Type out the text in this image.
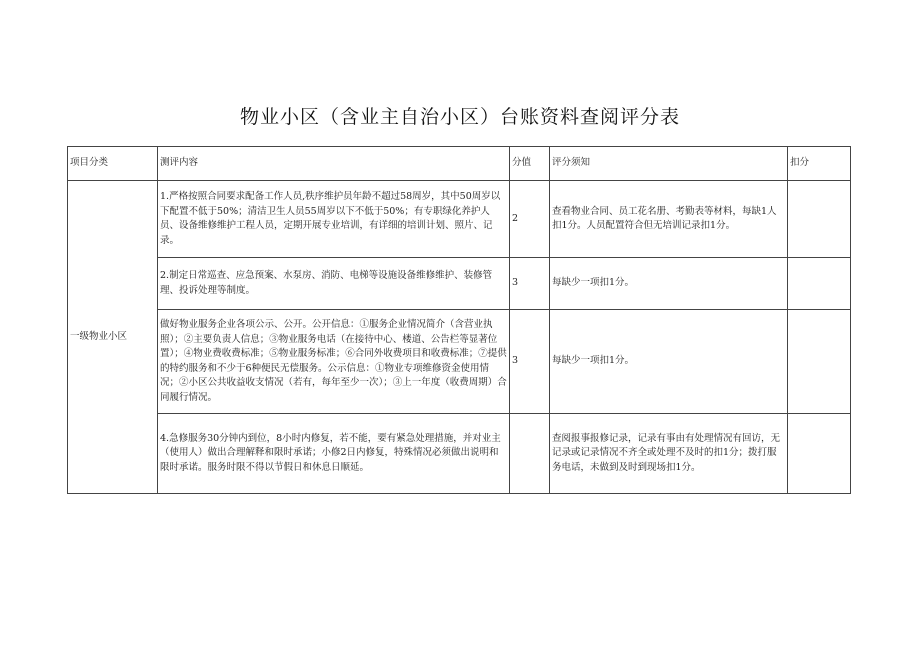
物业小区（含业主自治小区）台账资料查阅评分表
项目分类	测评内容	分值	评分须知	扣分
一级物业小区	1.严格按照合同要求配备工作人员,秩序维护员年龄不超过58周岁，其中50周岁以下配置不低于50%；清洁卫生人员55周岁以下不低于50%；有专职绿化养护人员、设备维修维护工程人员，定期开展专业培训，有详细的培训计划、照片、记录。	2	查看物业合同、员工花名册、考勤表等材料，每缺1人扣1分。人员配置符合但无培训记录扣1分。	
	2.制定日常巡查、应急预案、水泵房、消防、电梯等设施设备维修维护、装修管理、投诉处理等制度。	3	每缺少一项扣1分。	
	做好物业服务企业各项公示、公开。公开信息：①服务企业情况简介（含营业执照）；②主要负责人信息；③物业服务电话（在接待中心、楼道、公告栏等显著位置）；④物业费收费标准；⑤物业服务标准；⑥合同外收费项目和收费标准；⑦提供的特约服务和不少于6种便民无偿服务。公示信息：①物业专项维修资金使用情况；②小区公共收益收支情况（若有，每年至少一次）；③上一年度（收费周期）合同履行情况。	3	每缺少一项扣1分。	
	4.急修服务30分钟内到位，8小时内修复，若不能，要有紧急处理措施，并对业主（使用人）做出合理解释和限时承诺；小修2日内修复，特殊情况必须做出说明和限时承诺。服务时限不得以节假日和休息日顺延。		查阅报事报修记录，记录有事由有处理情况有回访，无记录或记录情况不齐全或处理不及时的扣1分；拨打服务电话，未做到及时到现场扣1分。	
